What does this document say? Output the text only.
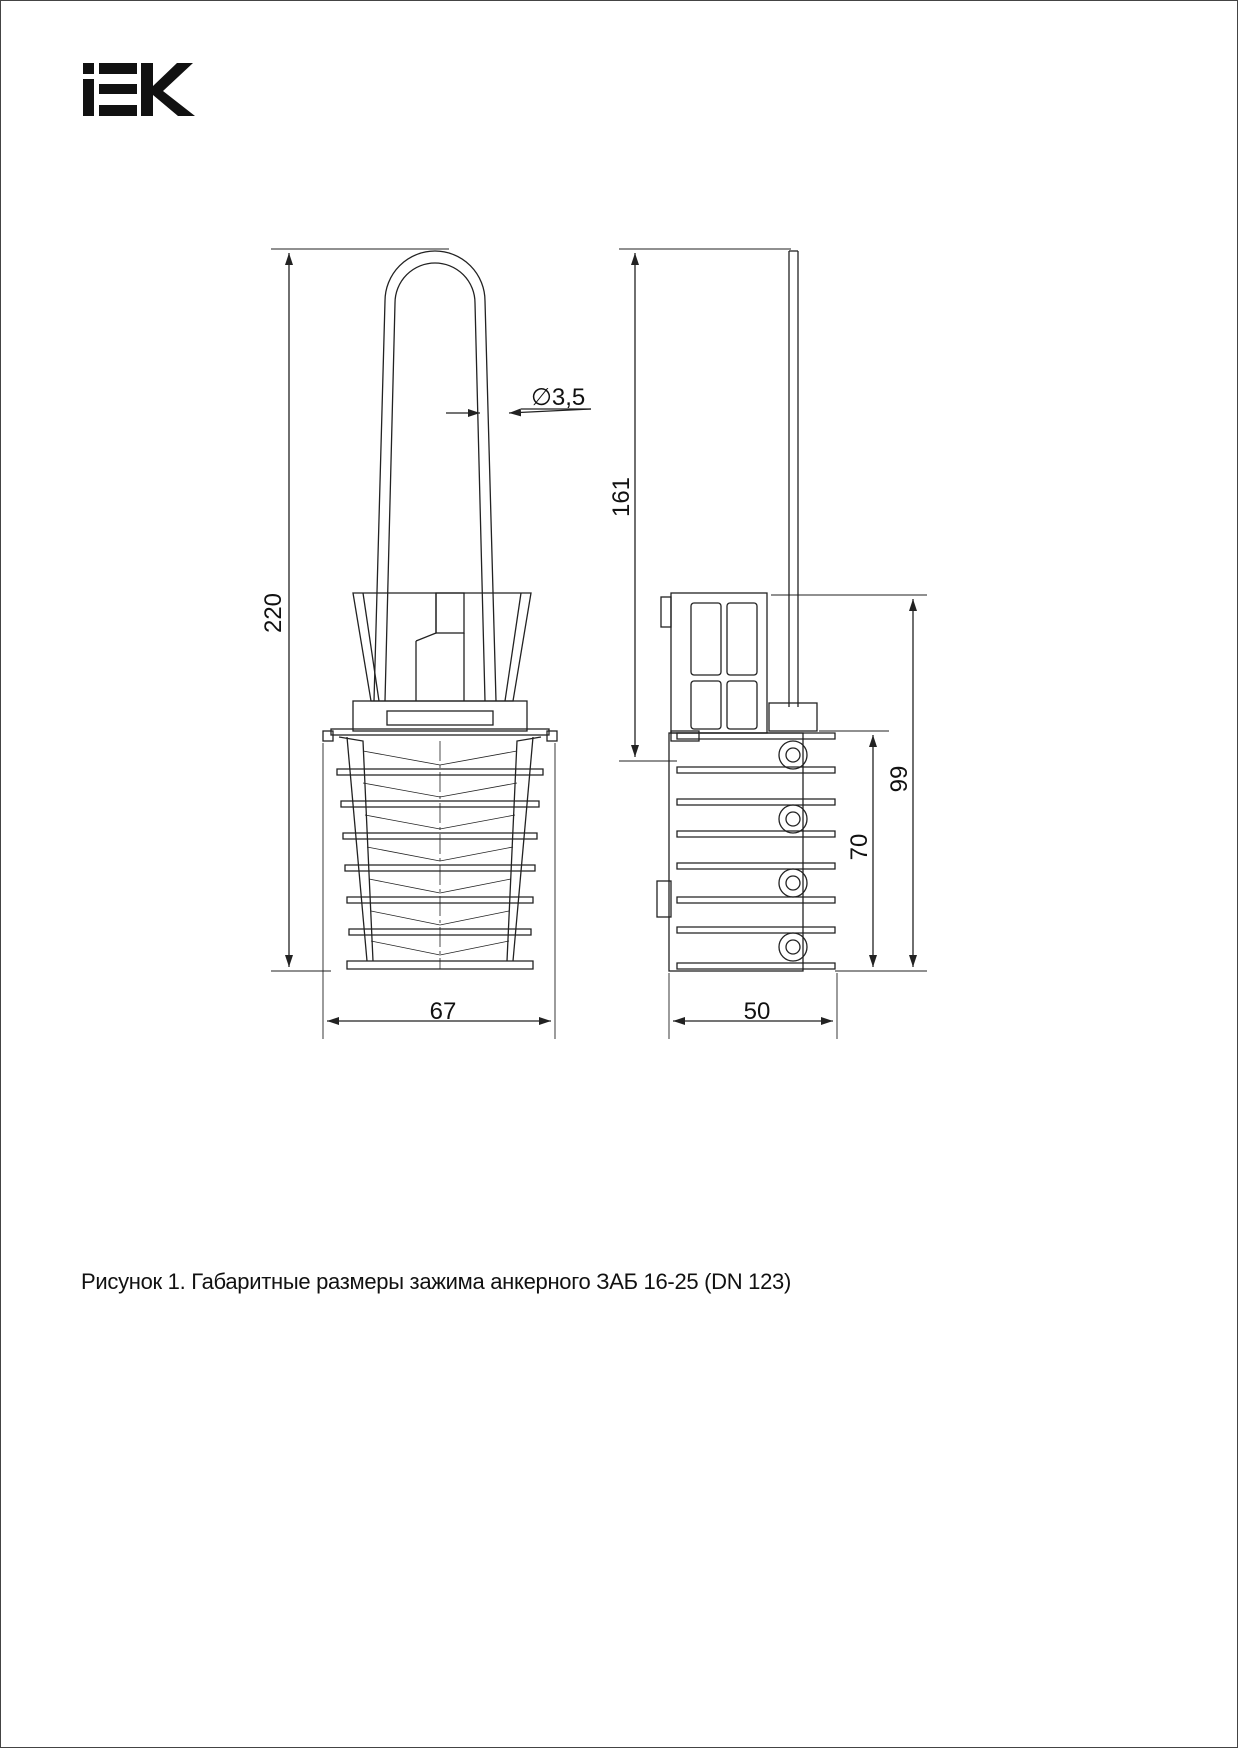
IEK
220
67
∅3,5
161
99
70
50
Рисунок 1. Габаритные размеры зажима анкерного ЗАБ 16-25 (DN 123)
